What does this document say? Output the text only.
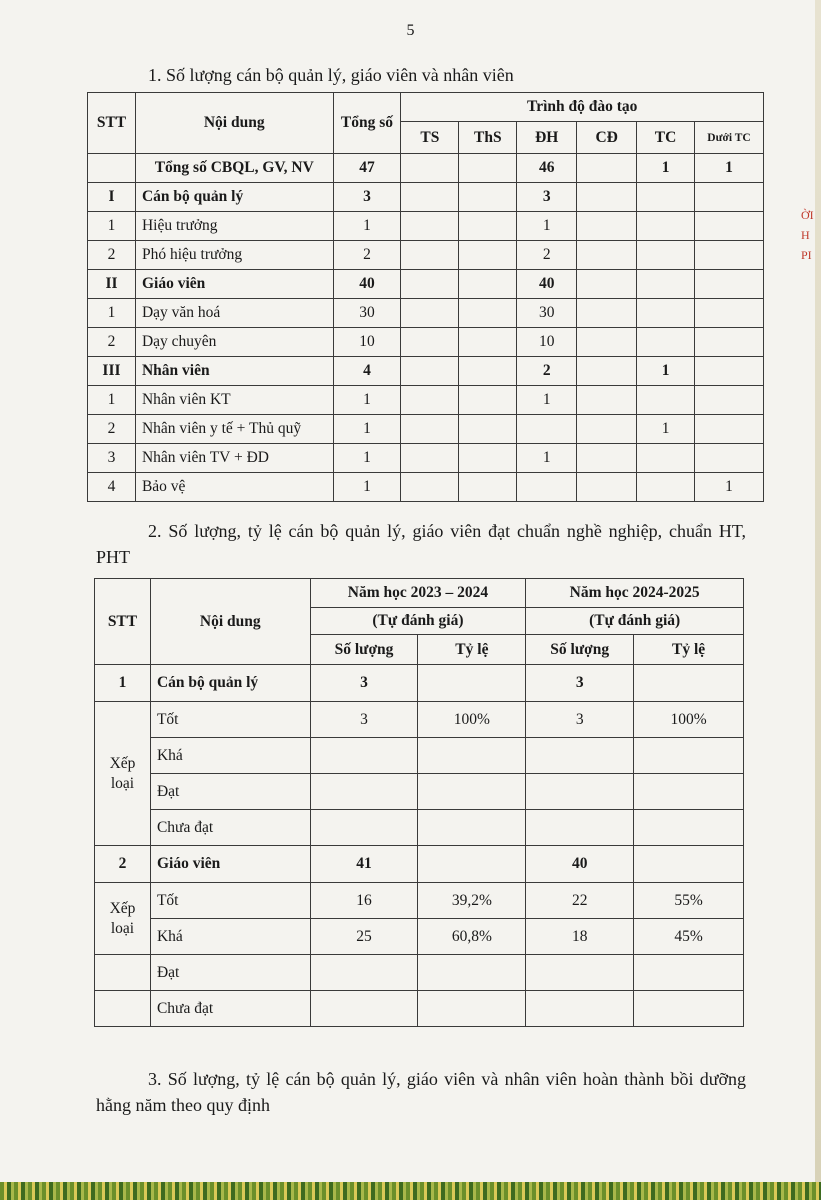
5
1. Số lượng cán bộ quản lý, giáo viên và nhân viên
STT	Nội dung	Tổng số	Trình độ đào tạo					
			TS	ThS	ĐH	CĐ	TC	Dưới TC
	Tổng số CBQL, GV, NV	47			46		1	1
I	Cán bộ quản lý	3			3			
1	Hiệu trưởng	1			1			
2	Phó hiệu trưởng	2			2			
II	Giáo viên	40			40			
1	Dạy văn hoá	30			30			
2	Dạy chuyên	10			10			
III	Nhân viên	4			2		1	
1	Nhân viên KT	1			1			
2	Nhân viên y tế + Thủ quỹ	1					1	
3	Nhân viên TV + ĐD	1			1			
4	Bảo vệ	1						1
2. Số lượng, tỷ lệ cán bộ quản lý, giáo viên đạt chuẩn nghề nghiệp, chuẩn HT, PHT
STT	Nội dung	Năm học 2023 – 2024		Năm học 2024-2025	
		(Tự đánh giá)		(Tự đánh giá)	
		Số lượng	Tỷ lệ	Số lượng	Tỷ lệ
1	Cán bộ quản lý	3		3	
Xếp loại	Tốt	3	100%	3	100%
	Khá				
	Đạt				
	Chưa đạt				
2	Giáo viên	41		40	
Xếp loại	Tốt	16	39,2%	22	55%
	Khá	25	60,8%	18	45%
	Đạt				
	Chưa đạt				
3. Số lượng, tỷ lệ cán bộ quản lý, giáo viên và nhân viên hoàn thành bồi dưỡng hằng năm theo quy định
ỜI
H
PI
